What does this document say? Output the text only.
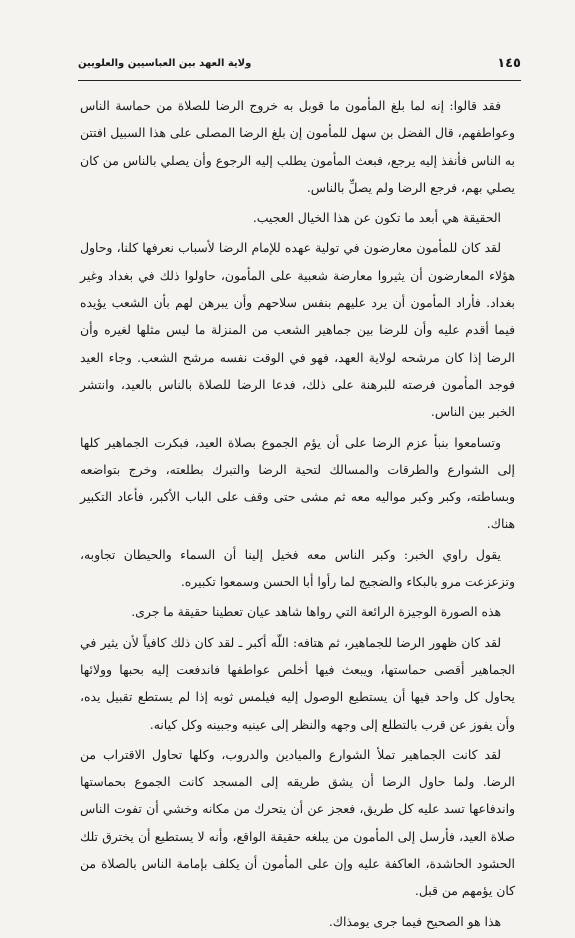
١٤٥
ولاية العهد بين العباسيين والعلويين

فقد قالوا: إنه لما بلغ المأمون ما قوبل به خروج الرضا للصلاة من حماسة الناس وعواطفهم، قال الفضل بن سهل للمأمون إن بلغ الرضا المصلى على هذا السبيل افتتن به الناس فأنفذ إليه يرجع، فبعث المأمون يطلب إليه الرجوع وأن يصلي بالناس من كان يصلي بهم، فرجع الرضا ولم يصلِّ بالناس.

الحقيقة هي أبعد ما تكون عن هذا الخيال العجيب.

لقد كان للمأمون معارضون في تولية عهده للإمام الرضا لأسباب نعرفها كلنا، وحاول هؤلاء المعارضون أن يثيروا معارضة شعبية على المأمون، حاولوا ذلك في بغداد وغير بغداد. فأراد المأمون أن يرد عليهم بنفس سلاحهم وأن يبرهن لهم بأن الشعب يؤيده فيما أقدم عليه وأن للرضا بين جماهير الشعب من المنزلة ما ليس مثلها لغيره وأن الرضا إذا كان مرشحه لولاية العهد، فهو في الوقت نفسه مرشح الشعب. وجاء العيد فوجد المأمون فرصته للبرهنة على ذلك، فدعا الرضا للصلاة بالناس بالعيد، وانتشر الخبر بين الناس.

وتسامعوا بنبأ عزم الرضا على أن يؤم الجموع بصلاة العيد، فبكرت الجماهير كلها إلى الشوارع والطرقات والمسالك لتحية الرضا والتبرك بطلعته، وخرج بتواضعه وبساطته، وكبر وكبر مواليه معه ثم مشى حتى وقف على الباب الأكبر، فأعاد التكبير هناك.

يقول راوي الخبر: وكبر الناس معه فخيل إلينا أن السماء والحيطان تجاوبه، وتزعزعت مرو بالبكاء والضجيج لما رأوا أبا الحسن وسمعوا تكبيره.

هذه الصورة الوجيزة الرائعة التي رواها شاهد عيان تعطينا حقيقة ما جرى.

لقد كان ظهور الرضا للجماهير، ثم هتافه: اللّه أكبر ـ لقد كان ذلك كافياً لأن يثير في الجماهير أقصى حماستها، ويبعث فيها أخلص عواطفها فاندفعت إليه بحبها وولائها يحاول كل واحد فيها أن يستطيع الوصول إليه فيلمس ثوبه إذا لم يستطع تقبيل يده، وأن يفوز عن قرب بالتطلع إلى وجهه والنظر إلى عينيه وجبينه وكل كيانه.

لقد كانت الجماهير تملأ الشوارع والميادين والدروب، وكلها تحاول الاقتراب من الرضا. ولما حاول الرضا أن يشق طريقه إلى المسجد كانت الجموع بحماستها واندفاعها تسد عليه كل طريق، فعجز عن أن يتحرك من مكانه وخشي أن تفوت الناس صلاة العيد، فأرسل إلى المأمون من يبلغه حقيقة الواقع، وأنه لا يستطيع أن يخترق تلك الحشود الحاشدة، العاكفة عليه وإن على المأمون أن يكلف بإمامة الناس بالصلاة من كان يؤمهم من قبل.

هذا هو الصحيح فيما جرى يومذاك.
